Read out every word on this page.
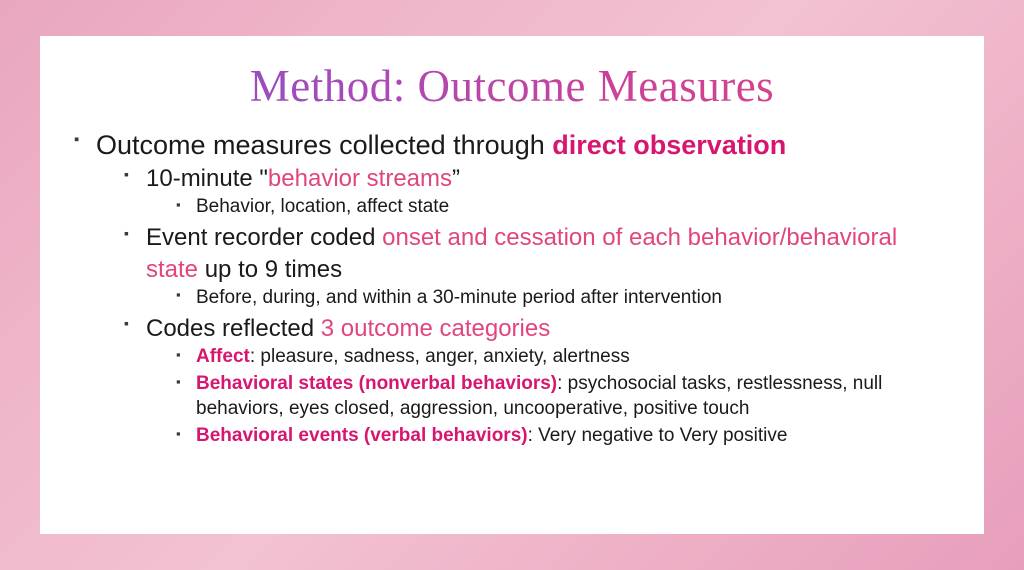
Method: Outcome Measures
▪ Outcome measures collected through direct observation
▪ 10-minute "behavior streams”
▪ Behavior, location, affect state
▪ Event recorder coded onset and cessation of each behavior/behavioral state up to 9 times
▪ Before, during, and within a 30-minute period after intervention
▪ Codes reflected 3 outcome categories
▪ Affect: pleasure, sadness, anger, anxiety, alertness
▪ Behavioral states (nonverbal behaviors): psychosocial tasks, restlessness, null behaviors, eyes closed, aggression, uncooperative, positive touch
▪ Behavioral events (verbal behaviors): Very negative to Very positive
